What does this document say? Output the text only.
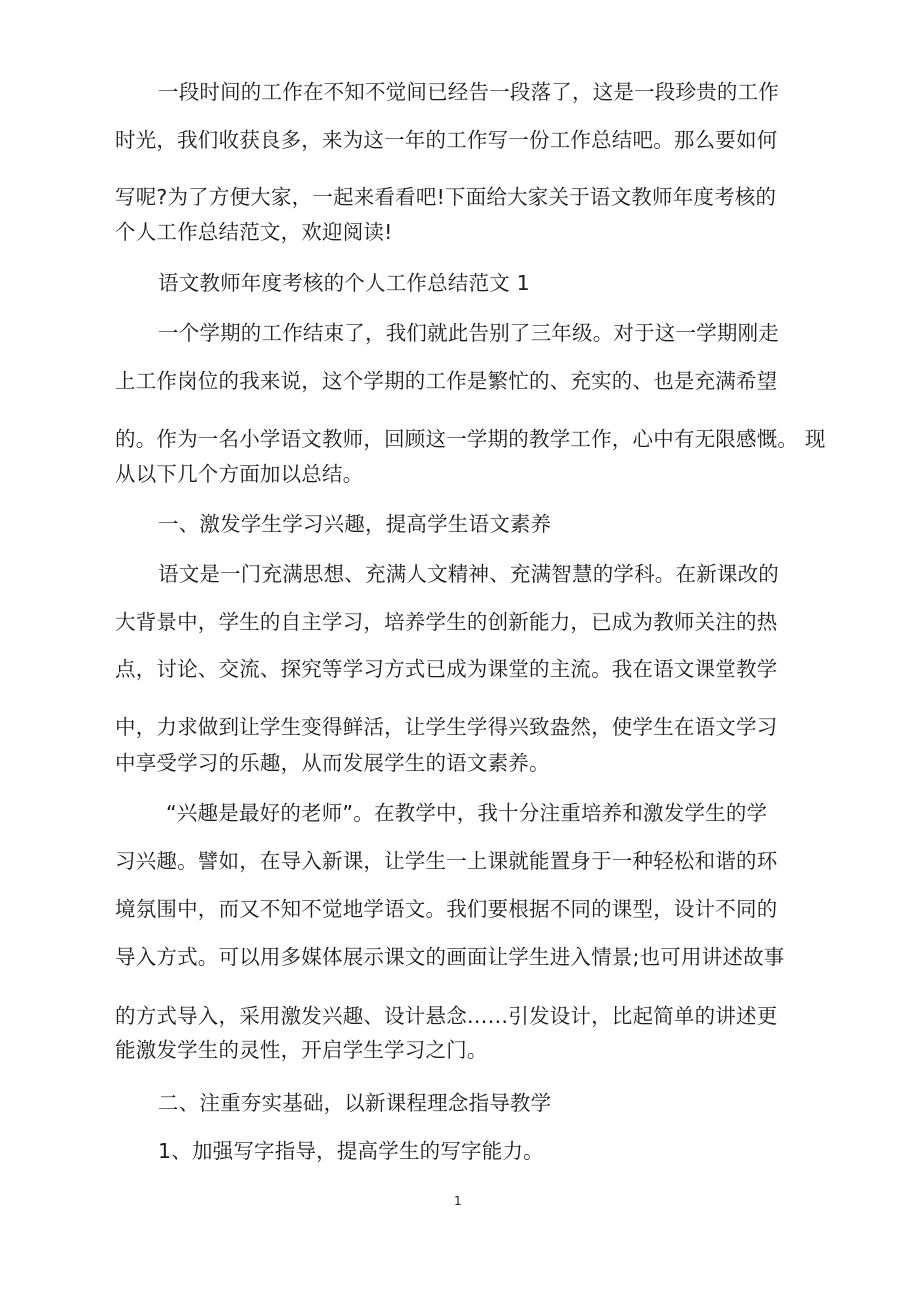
一段时间的工作在不知不觉间已经告一段落了，这是一段珍贵的工作
时光，我们收获良多，来为这一年的工作写一份工作总结吧。那么要如何
写呢?为了方便大家，一起来看看吧!下面给大家关于语文教师年度考核的
个人工作总结范文，欢迎阅读!
语文教师年度考核的个人工作总结范文 1
一个学期的工作结束了，我们就此告别了三年级。对于这一学期刚走
上工作岗位的我来说，这个学期的工作是繁忙的、充实的、也是充满希望
的。作为一名小学语文教师，回顾这一学期的教学工作，心中有无限感慨。 现
从以下几个方面加以总结。
一、激发学生学习兴趣，提高学生语文素养
语文是一门充满思想、充满人文精神、充满智慧的学科。在新课改的
大背景中，学生的自主学习，培养学生的创新能力，已成为教师关注的热
点，讨论、交流、探究等学习方式已成为课堂的主流。我在语文课堂教学
中，力求做到让学生变得鲜活，让学生学得兴致盎然，使学生在语文学习
中享受学习的乐趣，从而发展学生的语文素养。
“兴趣是最好的老师”。在教学中，我十分注重培养和激发学生的学
习兴趣。譬如，在导入新课，让学生一上课就能置身于一种轻松和谐的环
境氛围中，而又不知不觉地学语文。我们要根据不同的课型，设计不同的
导入方式。可以用多媒体展示课文的画面让学生进入情景;也可用讲述故事
的方式导入，采用激发兴趣、设计悬念……引发设计，比起简单的讲述更
能激发学生的灵性，开启学生学习之门。
二、注重夯实基础，以新课程理念指导教学
1、加强写字指导，提高学生的写字能力。
1
